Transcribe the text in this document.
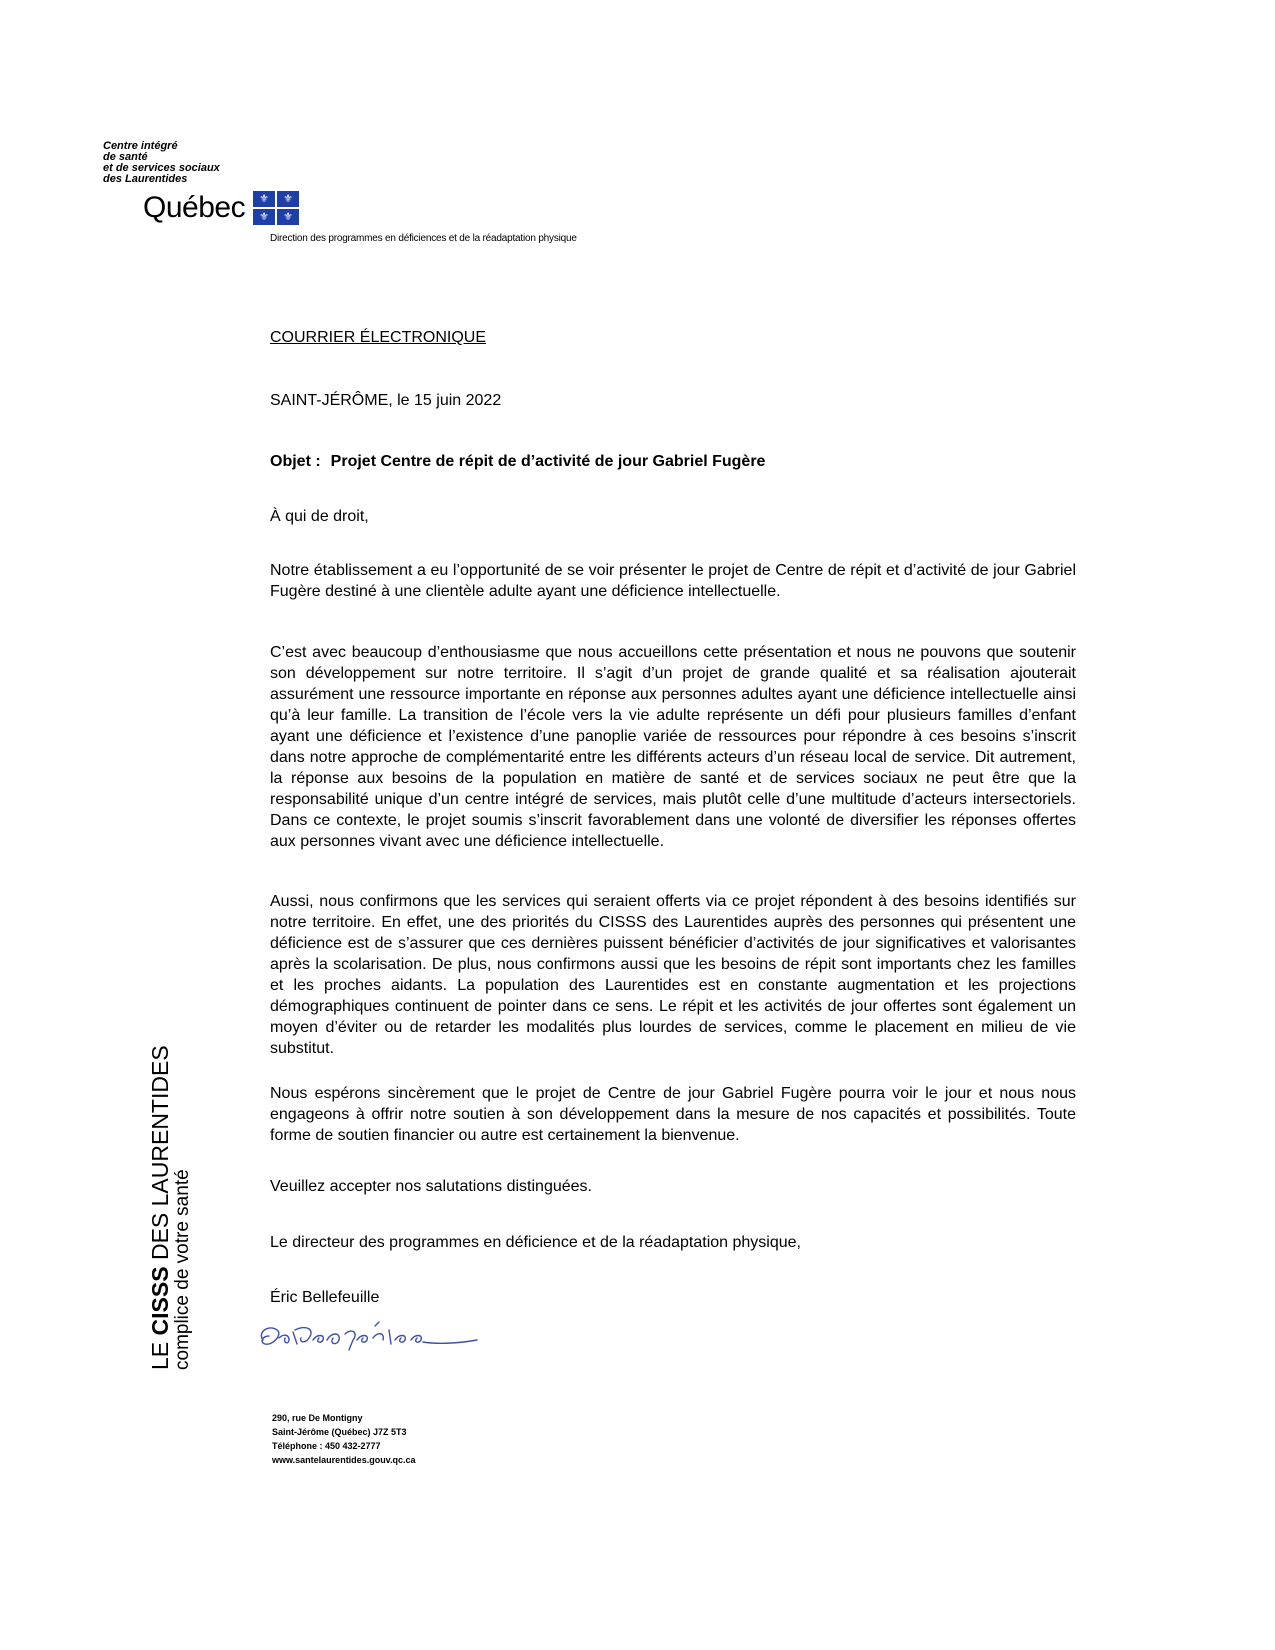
Centre intégré
de santé
et de services sociaux
des Laurentides
Québec	⚜	⚜
⚜	⚜
Direction des programmes en déficiences et de la réadaptation physique

COURRIER ÉLECTRONIQUE

SAINT-JÉRÔME, le 15 juin 2022

Objet : Projet Centre de répit de d’activité de jour Gabriel Fugère

À qui de droit,

Notre établissement a eu l’opportunité de se voir présenter le projet de Centre de répit et d’activité de jour Gabriel Fugère destiné à une clientèle adulte ayant une déficience intellectuelle.

C’est avec beaucoup d’enthousiasme que nous accueillons cette présentation et nous ne pouvons que soutenir son développement sur notre territoire. Il s’agit d’un projet de grande qualité et sa réalisation ajouterait assurément une ressource importante en réponse aux personnes adultes ayant une déficience intellectuelle ainsi qu’à leur famille. La transition de l’école vers la vie adulte représente un défi pour plusieurs familles d’enfant ayant une déficience et l’existence d’une panoplie variée de ressources pour répondre à ces besoins s’inscrit dans notre approche de complémentarité entre les différents acteurs d’un réseau local de service. Dit autrement, la réponse aux besoins de la population en matière de santé et de services sociaux ne peut être que la responsabilité unique d’un centre intégré de services, mais plutôt celle d’une multitude d’acteurs intersectoriels. Dans ce contexte, le projet soumis s’inscrit favorablement dans une volonté de diversifier les réponses offertes aux personnes vivant avec une déficience intellectuelle.

Aussi, nous confirmons que les services qui seraient offerts via ce projet répondent à des besoins identifiés sur notre territoire. En effet, une des priorités du CISSS des Laurentides auprès des personnes qui présentent une déficience est de s’assurer que ces dernières puissent bénéficier d’activités de jour significatives et valorisantes après la scolarisation. De plus, nous confirmons aussi que les besoins de répit sont importants chez les familles et les proches aidants. La population des Laurentides est en constante augmentation et les projections démographiques continuent de pointer dans ce sens. Le répit et les activités de jour offertes sont également un moyen d’éviter ou de retarder les modalités plus lourdes de services, comme le placement en milieu de vie substitut.

Nous espérons sincèrement que le projet de Centre de jour Gabriel Fugère pourra voir le jour et nous nous engageons à offrir notre soutien à son développement dans la mesure de nos capacités et possibilités. Toute forme de soutien financier ou autre est certainement la bienvenue.

Veuillez accepter nos salutations distinguées.

Le directeur des programmes en déficience et de la réadaptation physique,

Éric Bellefeuille

LE CISSS DES LAURENTIDES
complice de votre santé
290, rue De Montigny
Saint-Jérôme (Québec) J7Z 5T3
Téléphone : 450 432-2777
www.santelaurentides.gouv.qc.ca
